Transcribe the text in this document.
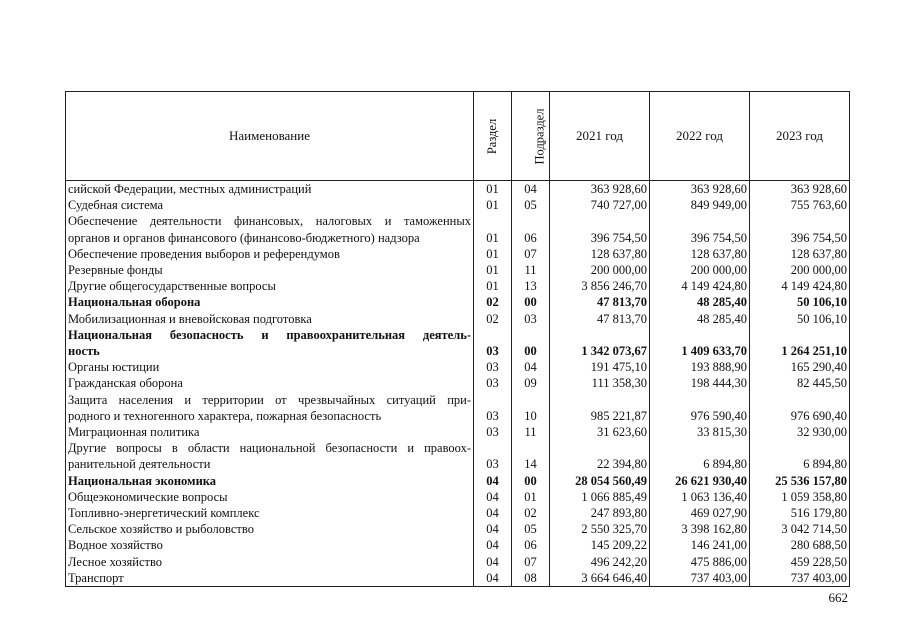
Наименование	Раздел	Подраздел	2021 год	2022 год	2023 год

сийской Федерации, местных администраций	01	04	363 928,60	363 928,60	363 928,60

Судебная система	01	05	740 727,00	849 949,00	755 763,60

Обеспечение деятельности финансовых, налоговых и таможенных
органов и органов финансового (финансово-бюджетного) надзора	01	06	396 754,50	396 754,50	396 754,50

Обеспечение проведения выборов и референдумов	01	07	128 637,80	128 637,80	128 637,80

Резервные фонды	01	11	200 000,00	200 000,00	200 000,00

Другие общегосударственные вопросы	01	13	3 856 246,70	4 149 424,80	4 149 424,80

Национальная оборона	02	00	47 813,70	48 285,40	50 106,10

Мобилизационная и вневойсковая подготовка	02	03	47 813,70	48 285,40	50 106,10

Национальная безопасность и правоохранительная деятель-
ность	03	00	1 342 073,67	1 409 633,70	1 264 251,10

Органы юстиции	03	04	191 475,10	193 888,90	165 290,40

Гражданская оборона	03	09	111 358,30	198 444,30	82 445,50

Защита населения и территории от чрезвычайных ситуаций при-
родного и техногенного характера, пожарная безопасность	03	10	985 221,87	976 590,40	976 690,40

Миграционная политика	03	11	31 623,60	33 815,30	32 930,00

Другие вопросы в области национальной безопасности и правоох-
ранительной деятельности	03	14	22 394,80	6 894,80	6 894,80

Национальная экономика	04	00	28 054 560,49	26 621 930,40	25 536 157,80

Общеэкономические вопросы	04	01	1 066 885,49	1 063 136,40	1 059 358,80

Топливно-энергетический комплекс	04	02	247 893,80	469 027,90	516 179,80

Сельское хозяйство и рыболовство	04	05	2 550 325,70	3 398 162,80	3 042 714,50

Водное хозяйство	04	06	145 209,22	146 241,00	280 688,50

Лесное хозяйство	04	07	496 242,20	475 886,00	459 228,50

Транспорт	04	08	3 664 646,40	737 403,00	737 403,00
662
